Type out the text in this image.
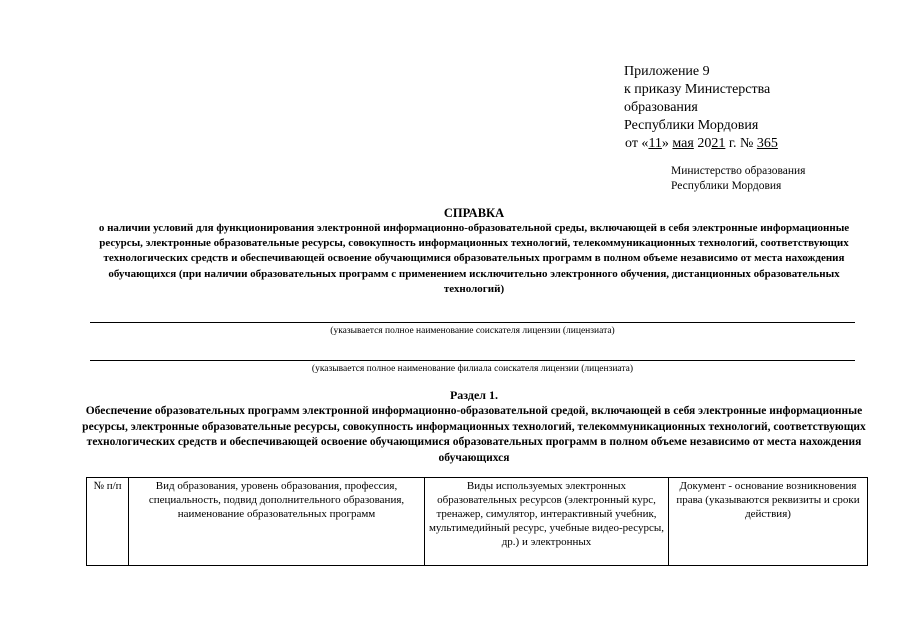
Приложение 9
к приказу Министерства
образования
Республики Мордовия
от «11» мая 2021 г. № 365
Министерство образования
Республики Мордовия
СПРАВКА
о наличии условий для функционирования электронной информационно-образовательной среды, включающей в себя электронные информационные ресурсы, электронные образовательные ресурсы, совокупность информационных технологий, телекоммуникационных технологий, соответствующих технологических средств и обеспечивающей освоение обучающимися образовательных программ в полном объеме независимо от места нахождения обучающихся (при наличии образовательных программ с применением исключительно электронного обучения, дистанционных образовательных технологий)
(указывается полное наименование соискателя лицензии (лицензиата)
(указывается полное наименование филиала соискателя лицензии (лицензиата)
Раздел 1.
Обеспечение образовательных программ электронной информационно-образовательной средой, включающей в себя электронные информационные ресурсы, электронные образовательные ресурсы, совокупность информационных технологий, телекоммуникационных технологий, соответствующих технологических средств и обеспечивающей освоение обучающимися образовательных программ в полном объеме независимо от места нахождения обучающихся
№ п/п	Вид образования, уровень образования, профессия, специальность, подвид дополнительного образования, наименование образовательных программ	Виды используемых электронных образовательных ресурсов (электронный курс, тренажер, симулятор, интерактивный учебник, мультимедийный ресурс, учебные видео-ресурсы, др.) и электронных	Документ - основание возникновения права (указываются реквизиты и сроки действия)
